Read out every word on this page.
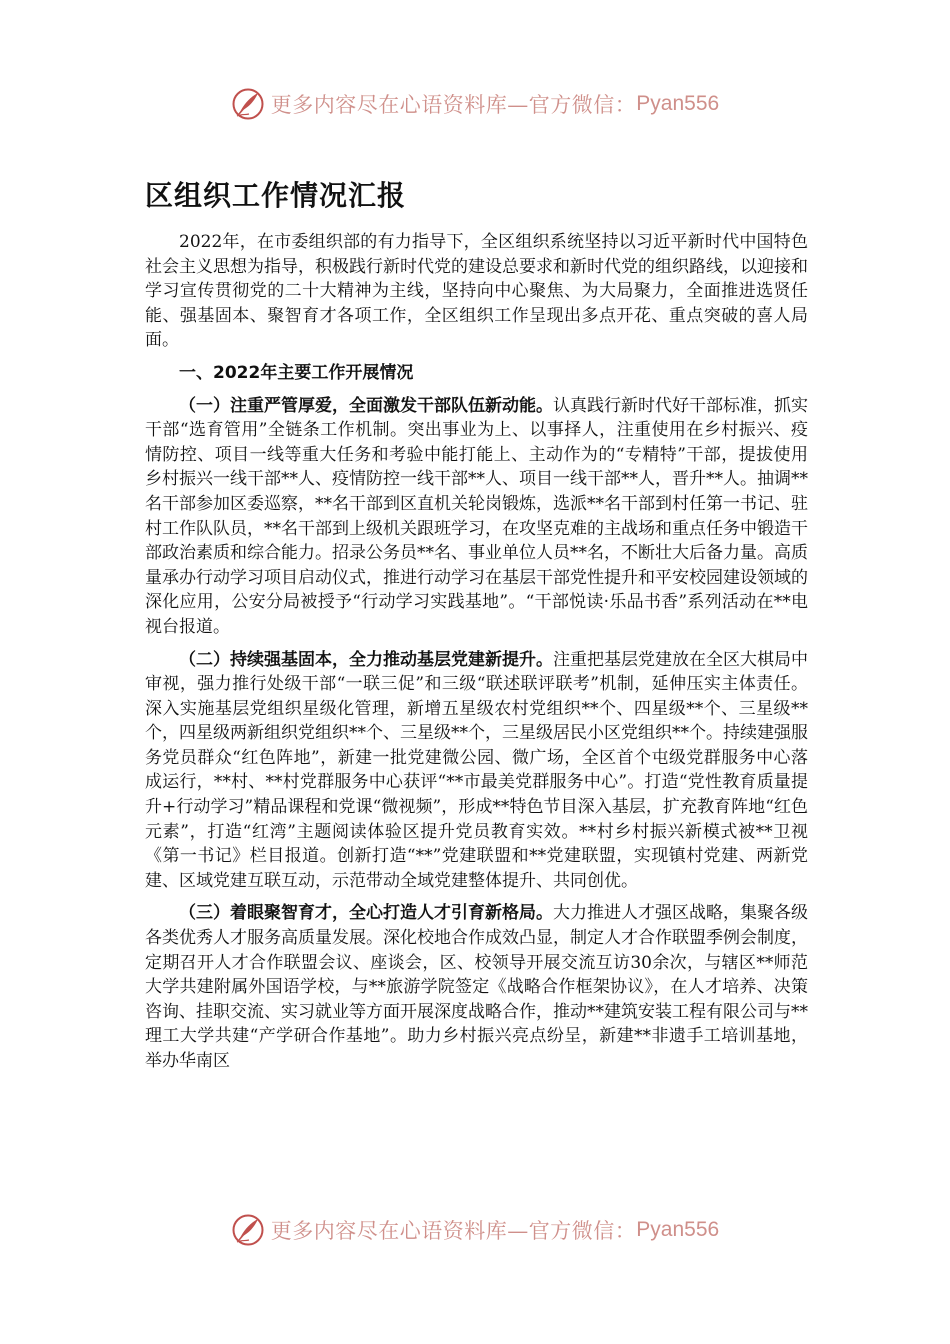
更多内容尽在心语资料库—官方微信： Pyan556
区组织工作情况汇报

2022年，在市委组织部的有力指导下，全区组织系统坚持以习近平新时代中国特色社会主义思想为指导，积极践行新时代党的建设总要求和新时代党的组织路线，以迎接和学习宣传贯彻党的二十大精神为主线，坚持向中心聚焦、为大局聚力，全面推进选贤任能、强基固本、聚智育才各项工作，全区组织工作呈现出多点开花、重点突破的喜人局面。

一、2022年主要工作开展情况

（一）注重严管厚爱，全面激发干部队伍新动能。认真践行新时代好干部标准，抓实干部“选育管用”全链条工作机制。突出事业为上、以事择人，注重使用在乡村振兴、疫情防控、项目一线等重大任务和考验中能打能上、主动作为的“专精特”干部，提拔使用乡村振兴一线干部**人、疫情防控一线干部**人、项目一线干部**人，晋升**人。抽调**名干部参加区委巡察，**名干部到区直机关轮岗锻炼，选派**名干部到村任第一书记、驻村工作队队员，**名干部到上级机关跟班学习，在攻坚克难的主战场和重点任务中锻造干部政治素质和综合能力。招录公务员**名、事业单位人员**名，不断壮大后备力量。高质量承办行动学习项目启动仪式，推进行动学习在基层干部党性提升和平安校园建设领域的深化应用，公安分局被授予“行动学习实践基地”。“干部悦读·乐品书香”系列活动在**电视台报道。

（二）持续强基固本，全力推动基层党建新提升。注重把基层党建放在全区大棋局中审视，强力推行处级干部“一联三促”和三级“联述联评联考”机制，延伸压实主体责任。深入实施基层党组织星级化管理，新增五星级农村党组织**个、四星级**个、三星级**个，四星级两新组织党组织**个、三星级**个，三星级居民小区党组织**个。持续建强服务党员群众“红色阵地”，新建一批党建微公园、微广场，全区首个屯级党群服务中心落成运行，**村、**村党群服务中心获评“**市最美党群服务中心”。打造“党性教育质量提升+行动学习”精品课程和党课“微视频”，形成**特色节目深入基层，扩充教育阵地“红色元素”，打造“红湾”主题阅读体验区提升党员教育实效。**村乡村振兴新模式被**卫视《第一书记》栏目报道。创新打造“**”党建联盟和**党建联盟，实现镇村党建、两新党建、区域党建互联互动，示范带动全域党建整体提升、共同创优。

（三）着眼聚智育才，全心打造人才引育新格局。大力推进人才强区战略，集聚各级各类优秀人才服务高质量发展。深化校地合作成效凸显，制定人才合作联盟季例会制度，定期召开人才合作联盟会议、座谈会，区、校领导开展交流互访30余次，与辖区**师范大学共建附属外国语学校，与**旅游学院签定《战略合作框架协议》，在人才培养、决策咨询、挂职交流、实习就业等方面开展深度战略合作，推动**建筑安装工程有限公司与**理工大学共建“产学研合作基地”。助力乡村振兴亮点纷呈，新建**非遗手工培训基地，举办华南区

更多内容尽在心语资料库—官方微信： Pyan556
